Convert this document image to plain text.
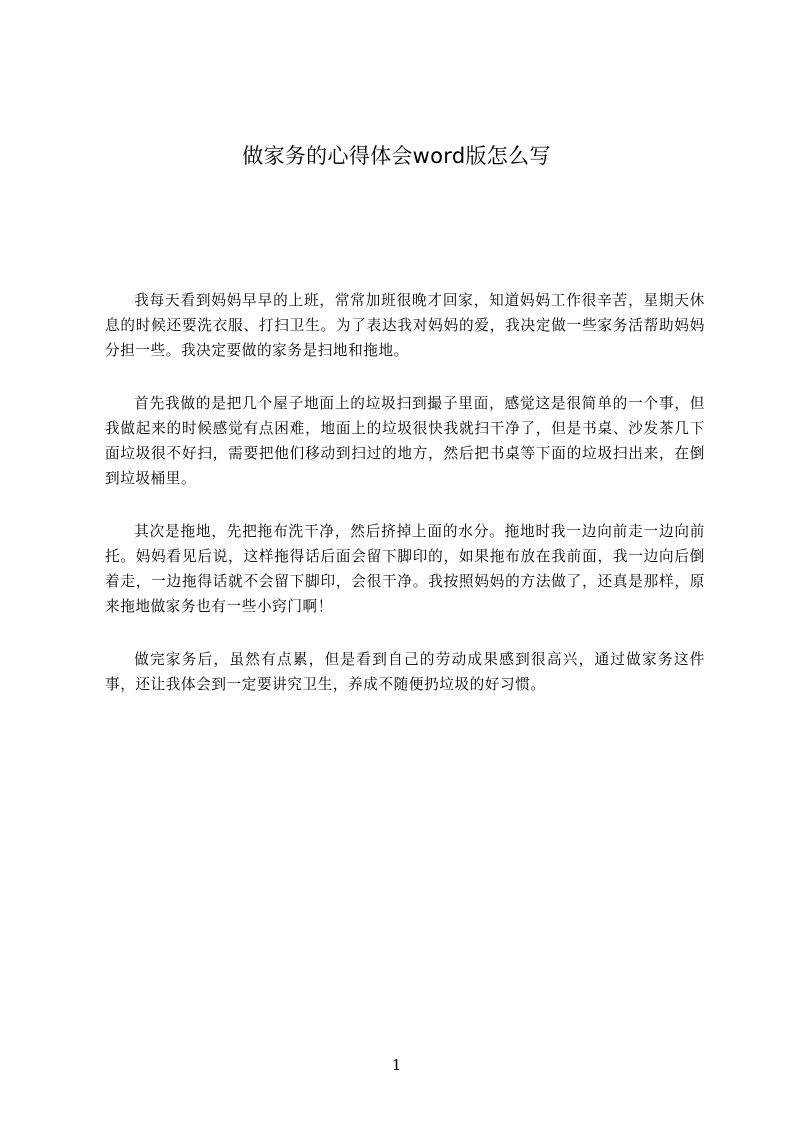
做家务的心得体会word版怎么写

我每天看到妈妈早早的上班，常常加班很晚才回家，知道妈妈工作很辛苦，星期天休息的时候还要洗衣服、打扫卫生。为了表达我对妈妈的爱，我决定做一些家务活帮助妈妈分担一些。我决定要做的家务是扫地和拖地。

首先我做的是把几个屋子地面上的垃圾扫到撮子里面，感觉这是很简单的一个事，但我做起来的时候感觉有点困难，地面上的垃圾很快我就扫干净了，但是书桌、沙发茶几下面垃圾很不好扫，需要把他们移动到扫过的地方，然后把书桌等下面的垃圾扫出来，在倒到垃圾桶里。

其次是拖地，先把拖布洗干净，然后挤掉上面的水分。拖地时我一边向前走一边向前托。妈妈看见后说，这样拖得话后面会留下脚印的，如果拖布放在我前面，我一边向后倒着走，一边拖得话就不会留下脚印，会很干净。我按照妈妈的方法做了，还真是那样，原来拖地做家务也有一些小窍门啊！

做完家务后，虽然有点累，但是看到自己的劳动成果感到很高兴，通过做家务这件事，还让我体会到一定要讲究卫生，养成不随便扔垃圾的好习惯。

1
